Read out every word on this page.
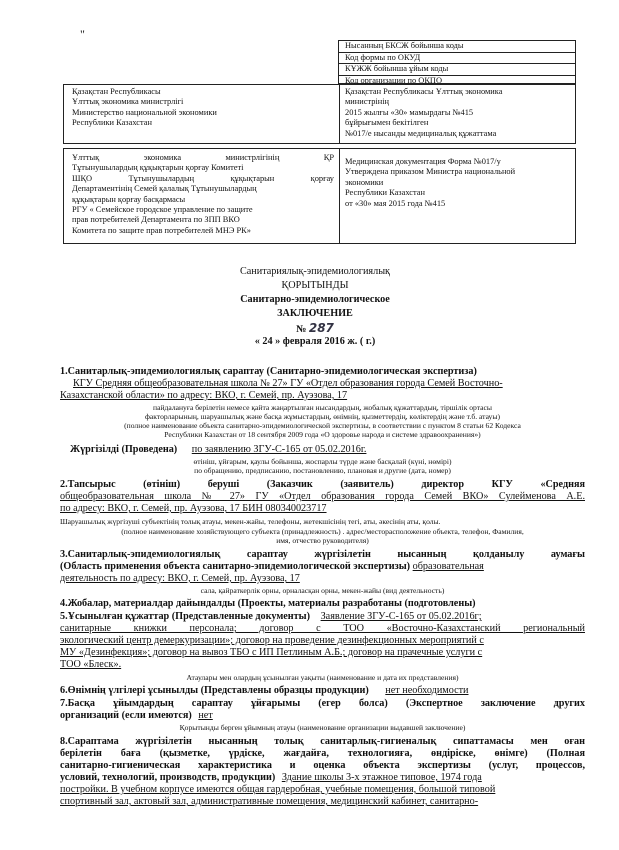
"
Нысанның БКСЖ бойынша коды
Код формы по ОКУД
КҰЖЖ бойынша ұйым коды
Код организации по ОКПО
Қазақстан Республикасы
Ұлттық экономика министрлігі
Министерство национальной экономики
Республики Казахстан
Қазақстан Республикасы Ұлттық экономика
министрінің
2015 жылғы «30» мамырдағы №415
бұйрығымен бекітілген
№017/е нысанды медициналық құжаттама
Ұлттық экономика министрлігінің ҚР
Тұтынушылардың құқықтарын қорғау Комитеті
ШҚО Тұтынушылардың құқықтарын қорғау
Департаментінің Семей қалалық Тұтынушылардың
құқықтарын қорғау басқармасы
РГУ « Семейское городское управление по защите
прав потребителей Департамента по ЗПП ВКО
Комитета по защите прав потребителей МНЭ РК»
Медицинская документация Форма №017/у
Утверждена приказом Министра национальной
экономики
Республики Казахстан
от «30» мая 2015 года №415
Санитариялық-эпидемиологиялық
ҚОРЫТЫНДЫ
Санитарно-эпидемиологическое
ЗАКЛЮЧЕНИЕ
№ 287
« 24 » февраля 2016 ж. ( г.)
1.Санитарлық-эпидемиологиялық сараптау (Санитарно-эпидемиологическая экспертиза)
КГУ Средняя общеобразовательная школа № 27» ГУ «Отдел образования города Семей Восточно-
Казахстанской области» по адресу: ВКО, г. Семей, пр. Ауэзова, 17
пайдалануға берілетін немесе қайта жаңартылған нысандардың, жобалық құжаттардың, тіршілік ортасы
факторларының, шаруашылық және басқа жұмыстардың, өнімнің, қызметтердің, көліктердің және т.б. атауы)
(полное наименование объекта санитарно-эпидемиологической экспертизы, в соответствии с пунктом 8 статьи 62 Кодекса
Республики Казахстан от 18 сентября 2009 года «О здоровье народа и системе здравоохранения»)
Жүргізілді (Проведена) по заявлению ЗГУ-С-165 от 05.02.2016г.
өтініш, ұйғарым, қаулы бойынша, жоспарлы түрде және басқалай (күні, нөмірі)
по обращению, предписанию, постановлению, плановая и другие (дата, номер)
2.Тапсырыс (өтініш) беруші (Заказчик (заявитель) директор КГУ «Средняя
общеобразовательная школа № 27» ГУ «Отдел образования города Семей ВКО» Сулейменова А.Е.
по адресу: ВКО, г. Семей, пр. Ауэзова, 17 БИН 080340023717
Шаруашылық жүргізуші субъектінің толық атауы, мекен-жайы, телефоны, жетекшісінің тегі, аты, әкесінің аты, қолы.
(полное наименование хозяйствующего субъекта (принадлежность) . адрес/месторасположение объекта, телефон, Фамилия,
имя, отчество руководителя)
3.Санитарлық-эпидемиологиялық сараптау жүргізілетін нысанның қолданылу аумағы
(Область применения объекта санитарно-эпидемиологической экспертизы) образовательная
деятельность по адресу: ВКО, г. Семей, пр. Ауэзова, 17
сала, қайраткерлік орны, орналасқан орны, мекен-жайы (вид деятельность)
4.Жобалар, материалдар дайындалды (Проекты, материалы разработаны (подготовлены)
5.Ұсынылған құжаттар (Представленные документы) Заявление ЗГУ-С-165 от 05.02.2016г;
санитарные книжки персонала; договор с ТОО «Восточно-Казахстанский региональный
экологический центр демеркуризации»; договор на проведение дезинфекционных мероприятий с
МУ «Дезинфекция»; договор на вывоз ТБО с ИП Петлиным А.Б.; договор на прачечные услуги с
ТОО «Блеск».
Атаулары мен олардың ұсынылған уақыты (наименование и дата их представления)
6.Өнімнің үлгілері ұсынылды (Представлены образцы продукции) нет необходимости
7.Басқа ұйымдардың сараптау ұйғарымы (егер болса) (Экспертное заключение других
организаций (если имеются) нет
Қорытынды берген ұйымның атауы (наименование организации выдавшей заключение)
8.Сараптама жүргізілетін нысанның толық санитарлық-гигиеналық сипаттамасы мен оған
берілетін баға (қызметке, үрдіске, жағдайға, технологияға, өндіріске, өнімге) (Полная
санитарно-гигиеническая характеристика и оценка объекта экспертизы (услуг, процессов,
условий, технологий, производств, продукции) Здание школы 3-х этажное типовое, 1974 года
постройки. В учебном корпусе имеются общая гардеробная, учебные помещения, большой типовой
спортивный зал, актовый зал, административные помещения, медицинский кабинет, санитарно-
